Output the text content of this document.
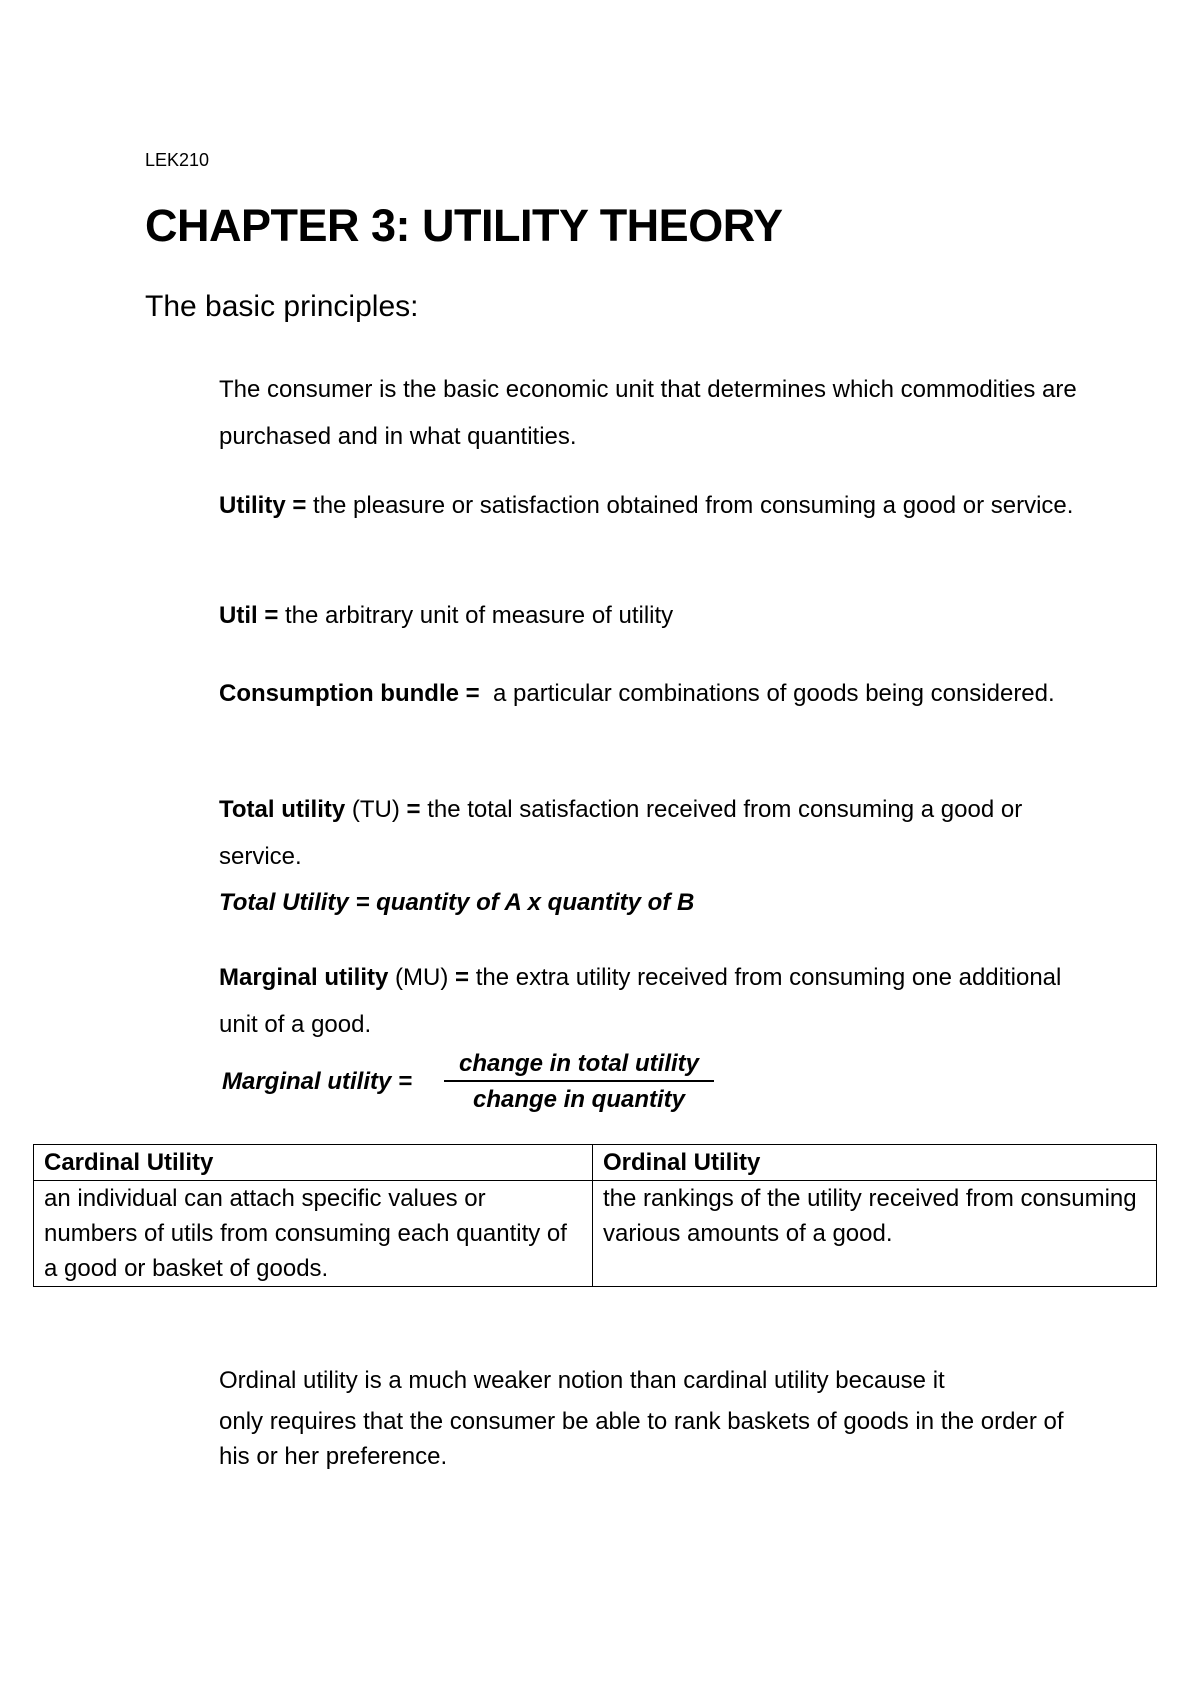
LEK210
CHAPTER 3: UTILITY THEORY
The basic principles:

The consumer is the basic economic unit that determines which commodities are purchased and in what quantities.

Utility = the pleasure or satisfaction obtained from consuming a good or service.

Util = the arbitrary unit of measure of utility

Consumption bundle =  a particular combinations of goods being considered.

Total utility (TU) = the total satisfaction received from consuming a good or service.

Total Utility = quantity of A x quantity of B

Marginal utility (MU) = the extra utility received from consuming one additional unit of a good.

Marginal utility =
change in total utility
change in quantity
Cardinal Utility	Ordinal Utility
an individual can attach specific values or numbers of utils from consuming each quantity of a good or basket of goods.	the rankings of the utility received from consuming various amounts of a good.

Ordinal utility is a much weaker notion than cardinal utility because it
only requires that the consumer be able to rank baskets of goods in the order of his or her preference.
